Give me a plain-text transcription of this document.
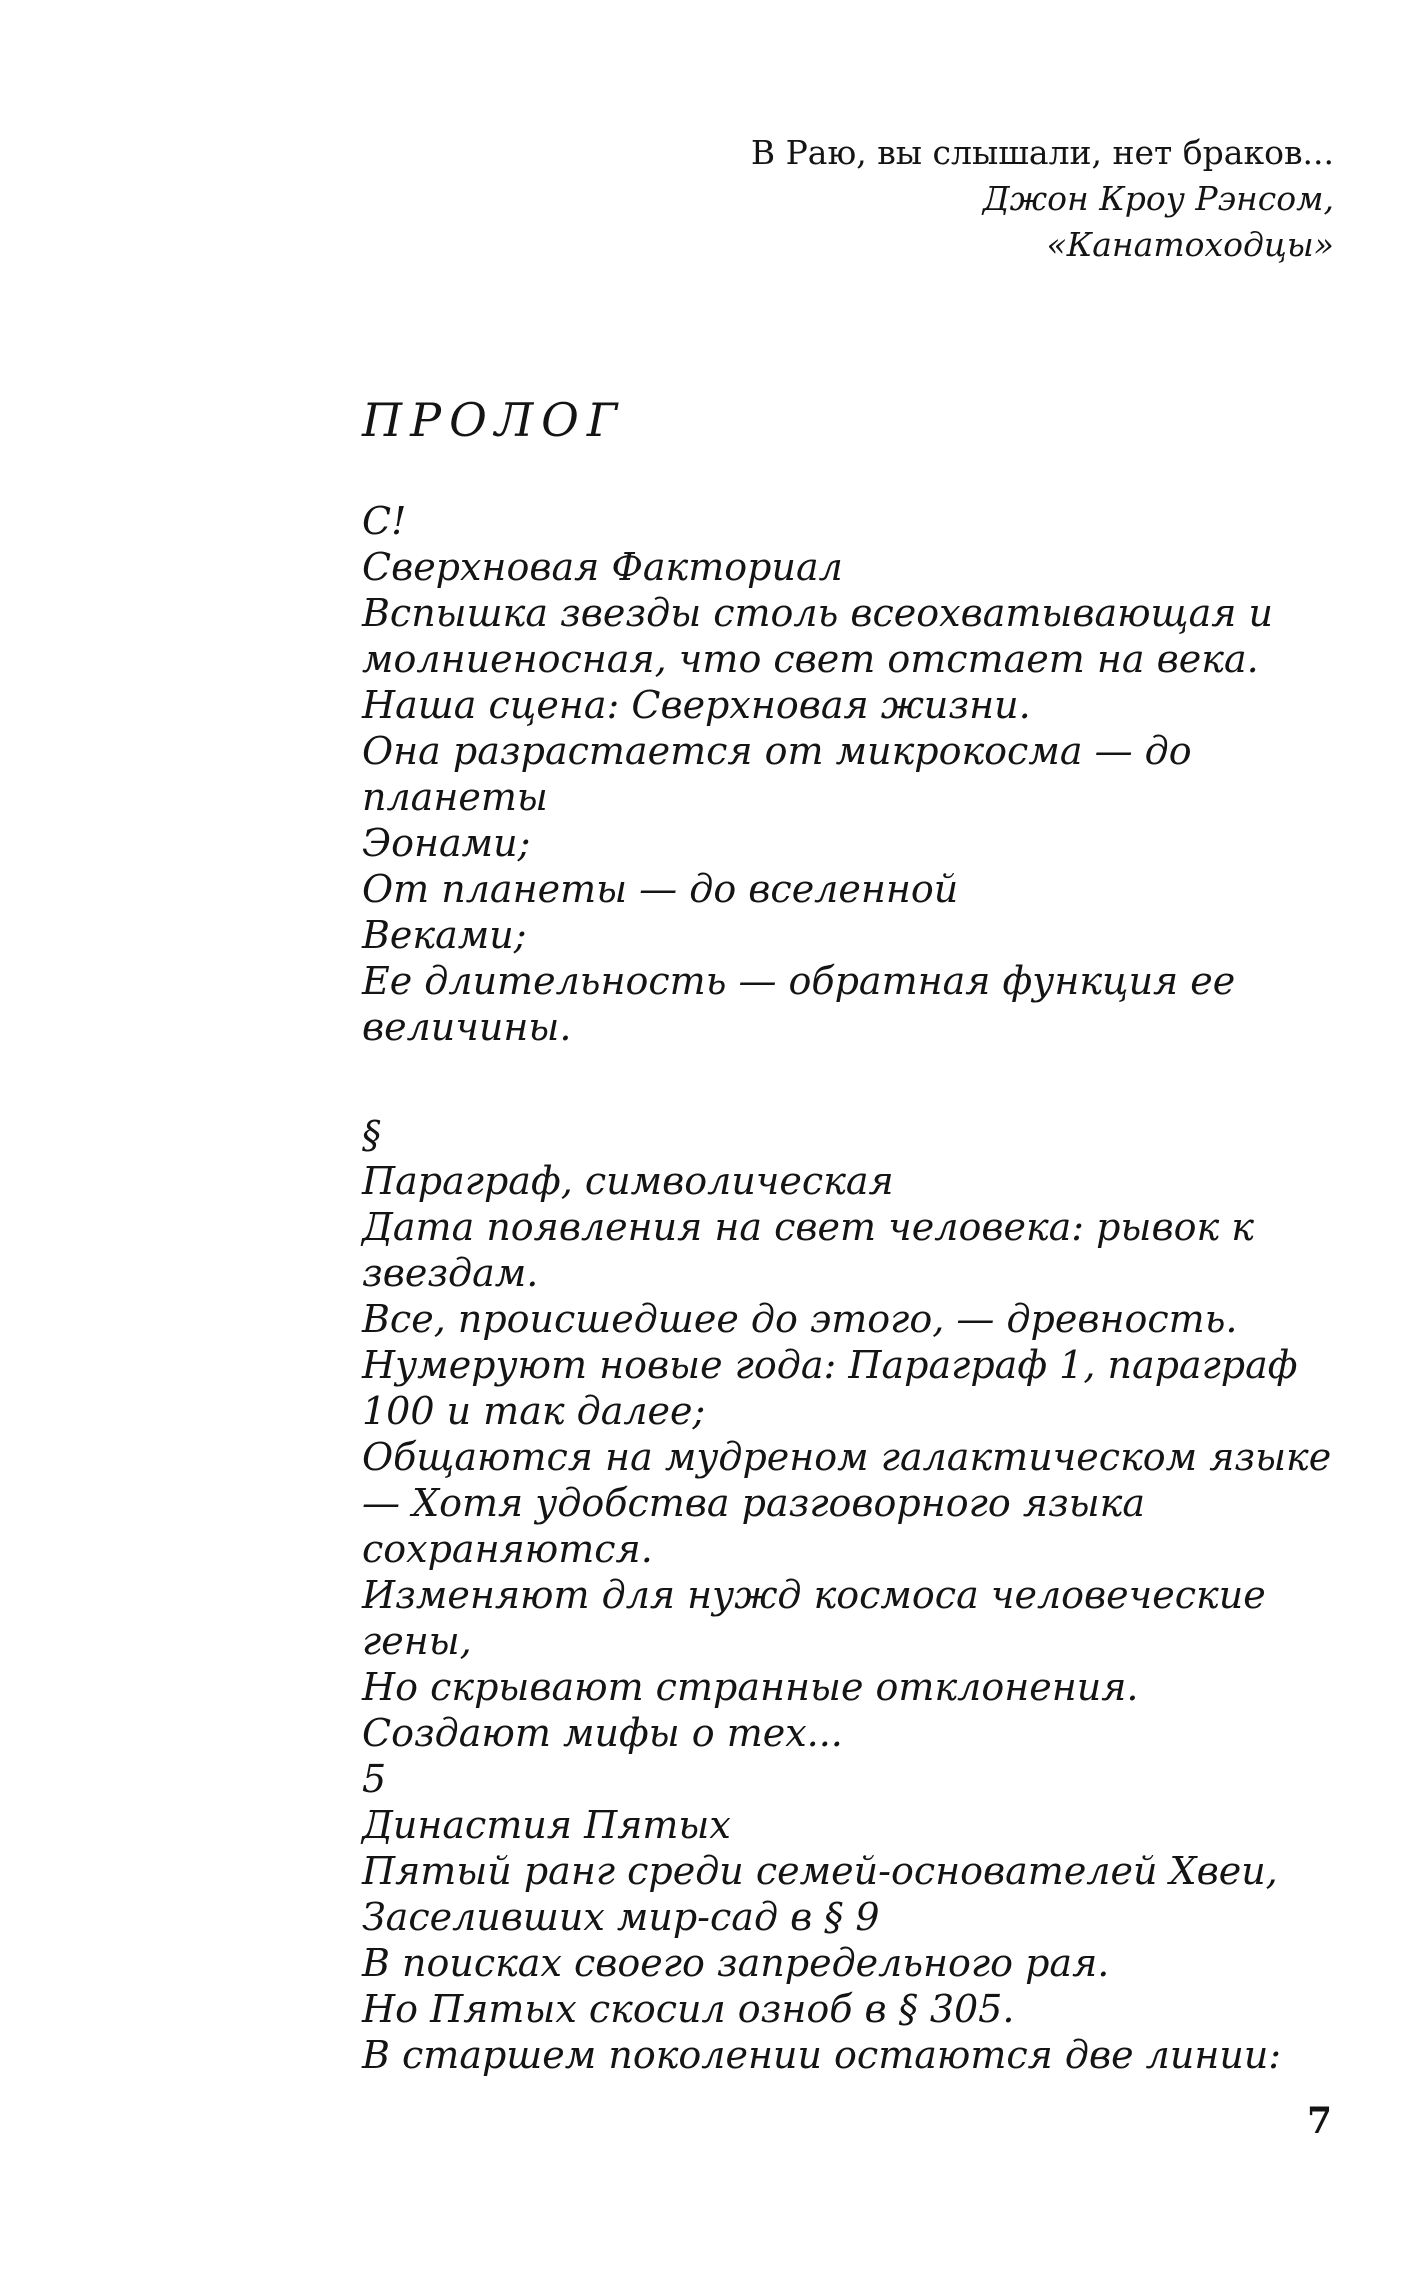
В Раю, вы слышали, нет браков...
Джон Кроу Рэнсом,
«Канатоходцы»
ПРОЛОГ
С!
Сверхновая Факториал
Вспышка звезды столь всеохватывающая и молниеносная, что свет отстает на века.
Наша сцена: Сверхновая жизни.
Она разрастается от микрокосма — до планеты
Эонами;
От планеты — до вселенной
Веками;
Ее длительность — обратная функция ее величины.
§
Параграф, символическая
Дата появления на свет человека: рывок к звездам.
Все, происшедшее до этого, — древность.
Нумеруют новые года: Параграф 1, параграф 100 и так далее;
Общаются на мудреном галактическом языке — Хотя удобства разговорного языка сохраняются.
Изменяют для нужд космоса человеческие гены,
Но скрывают странные отклонения. Создают мифы о тех...
5
Династия Пятых
Пятый ранг среди семей-основателей Хвеи,
Заселивших мир-сад в § 9
В поисках своего запредельного рая.
Но Пятых скосил озноб в § 305.
В старшем поколении остаются две линии:
7
